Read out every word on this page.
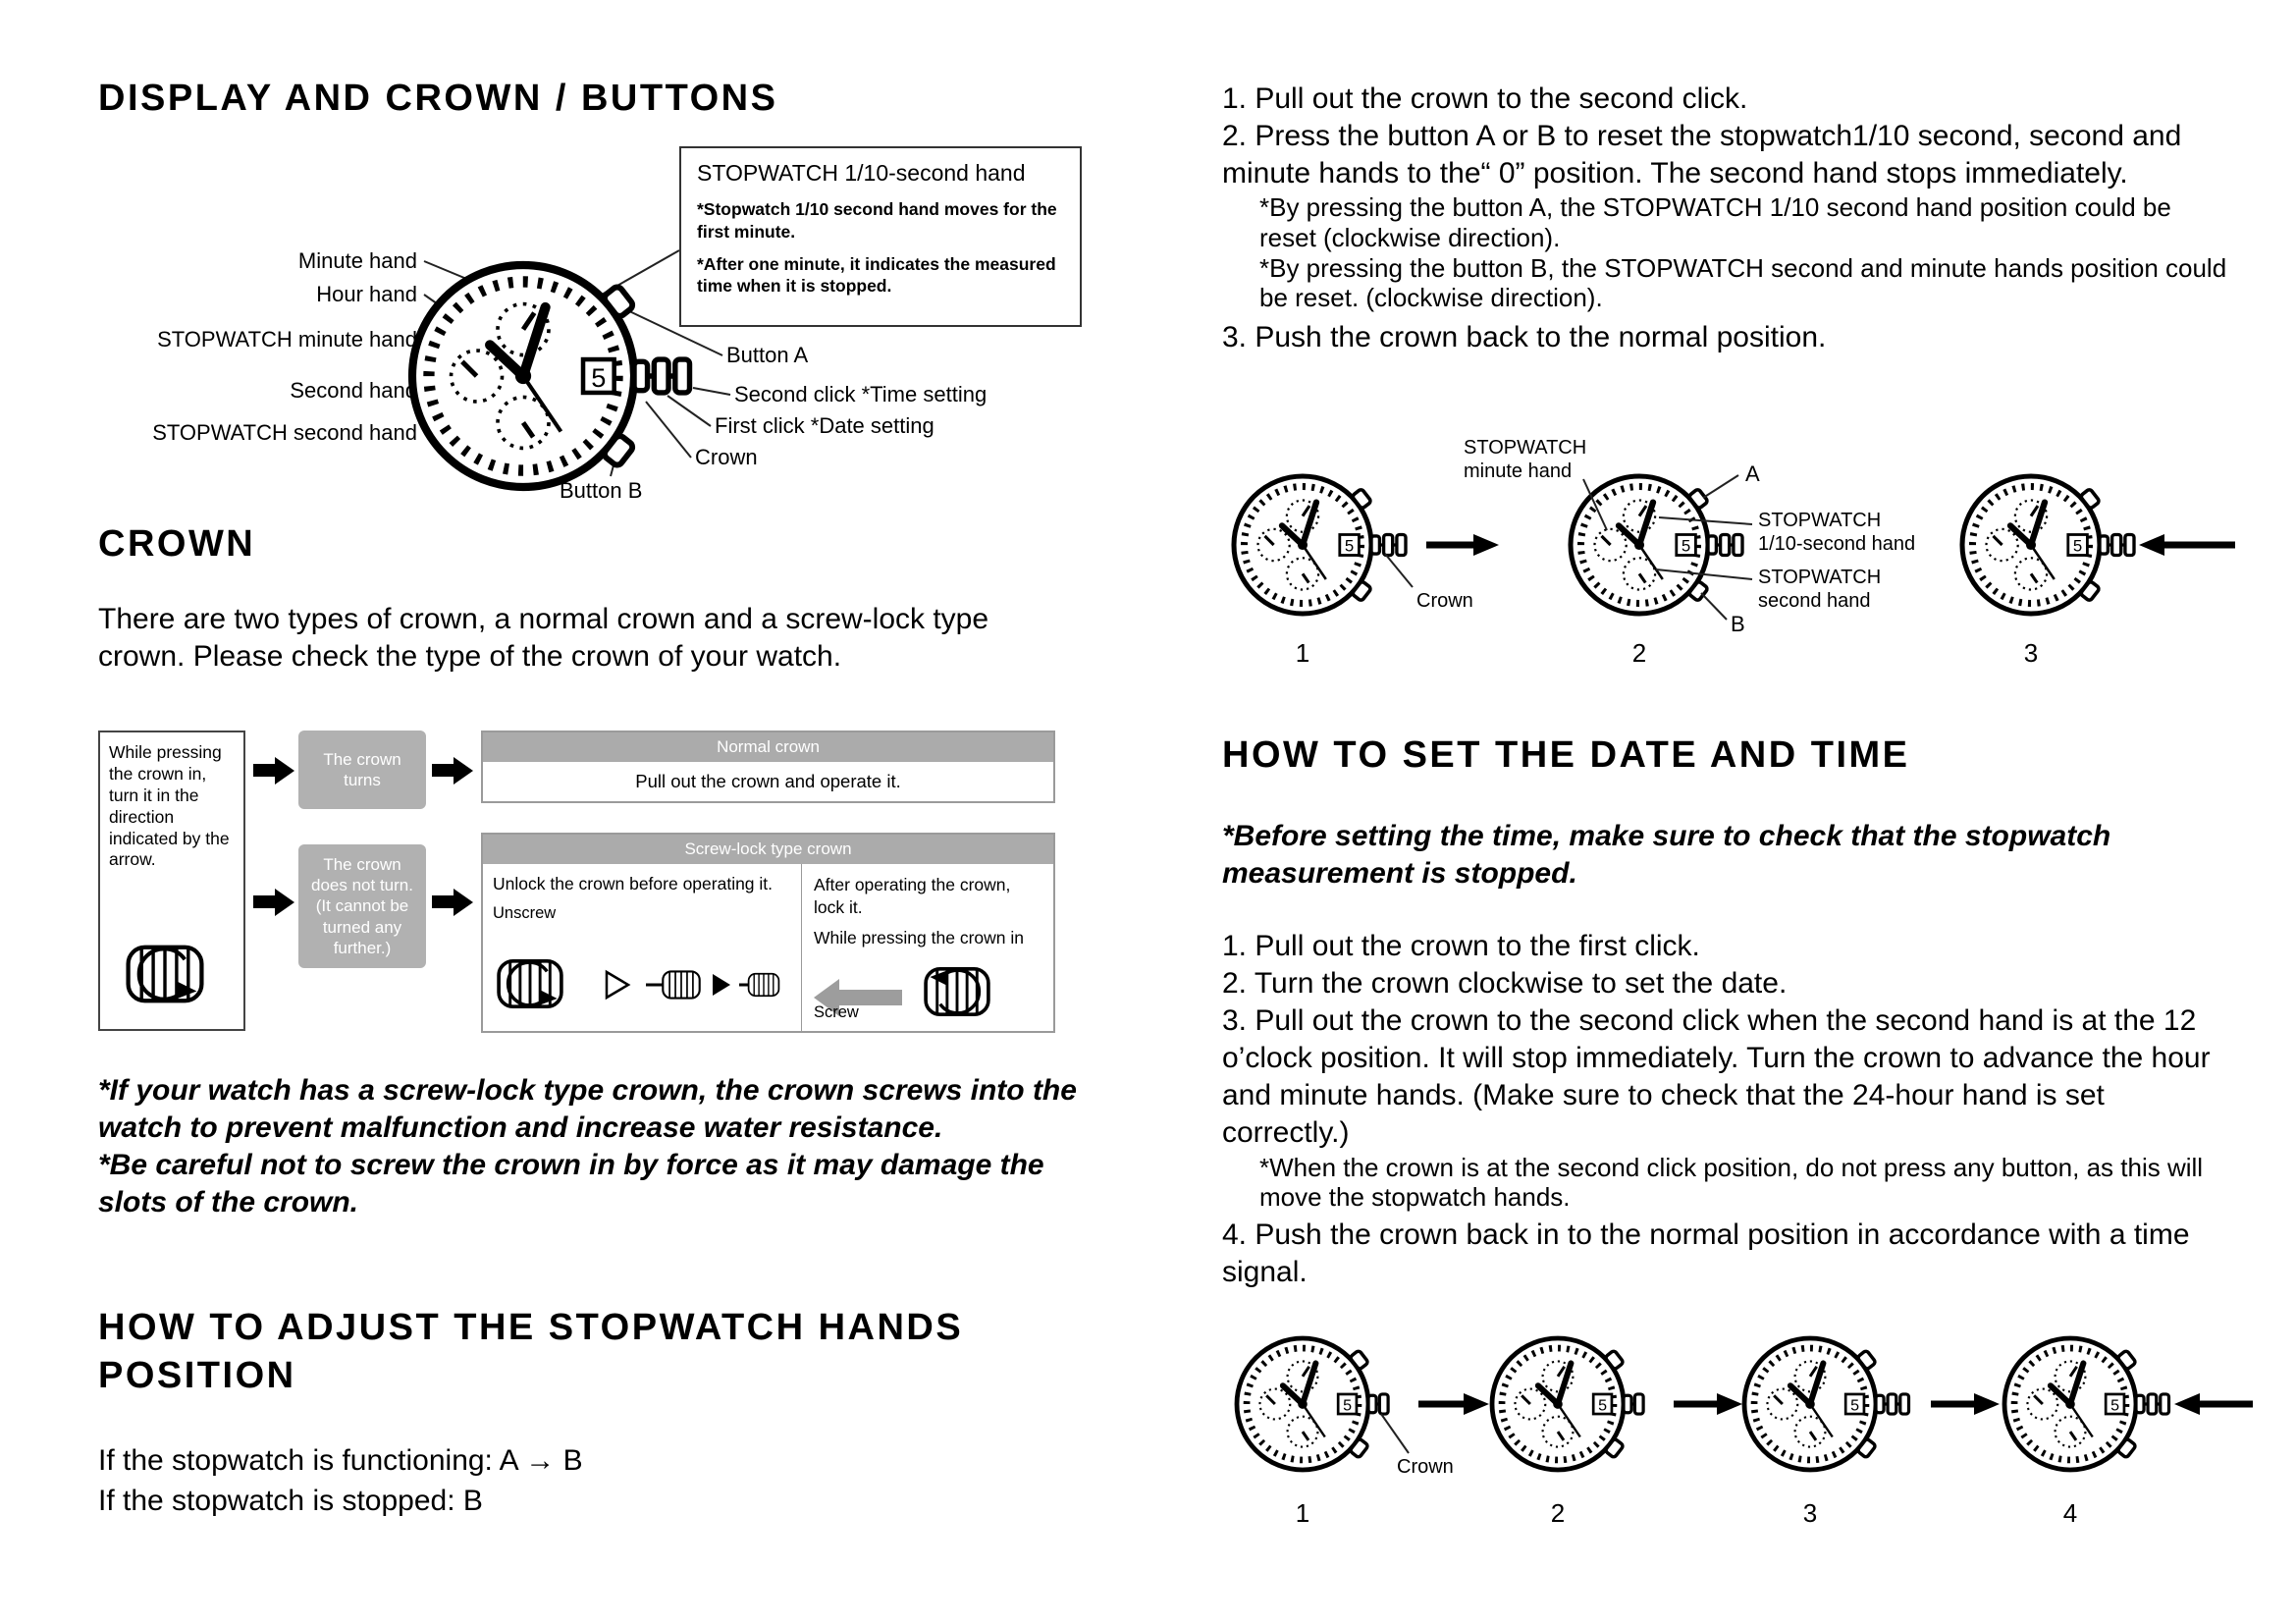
DISPLAY AND CROWN / BUTTONS
Minute hand
Hour hand
STOPWATCH minute hand
Second hand
STOPWATCH second hand
Button A
Second click *Time setting
First click *Date setting
Crown
Button B
STOPWATCH 1/10-second hand
*Stopwatch 1/10 second hand moves for the first minute.
*After one minute, it indicates the measured time when it is stopped.
CROWN
There are two types of crown, a normal crown and a screw-lock type crown. Please check the type of the crown of your watch.

While pressing the crown in, turn it in the direction indicated by the arrow.

The crown turns
The crown does not turn. (It cannot be turned any further.)
Normal crown
Pull out the crown and operate it.
Screw-lock type crown

Unlock the crown before operating it.

Unscrew

After operating the crown, lock it.

While pressing the crown in

Screw

*If your watch has a screw-lock type crown, the crown screws into the watch to prevent malfunction and increase water resistance.

*Be careful not to screw the crown in by force as it may damage the slots of the crown.

HOW TO ADJUST THE STOPWATCH HANDS POSITION

If the stopwatch is functioning: A → B

If the stopwatch is stopped: B

1. Pull out the crown to the second click.

2. Press the button A or B to reset the stopwatch1/10 second, second and minute hands to the“ 0” position. The second hand stops immediately.

*By pressing the button A, the STOPWATCH 1/10 second hand position could be reset (clockwise direction).

*By pressing the button B, the STOPWATCH second and minute hands position could be reset. (clockwise direction).

3. Push the crown back to the normal position.

STOPWATCH
minute hand	A
STOPWATCH
1/10-second hand
STOPWATCH
second hand
B
Crown
1	2	3
HOW TO SET THE DATE AND TIME
*Before setting the time, make sure to check that the stopwatch measurement is stopped.

1. Pull out the crown to the first click.

2. Turn the crown clockwise to set the date.

3. Pull out the crown to the second click when the second hand is at the 12 o’clock position. It will stop immediately. Turn the crown to advance the hour and minute hands. (Make sure to check that the 24-hour hand is set correctly.)

*When the crown is at the second click position, do not press any button, as this will move the stopwatch hands.

4. Push the crown back in to the normal position in accordance with a time signal.

Crown
1	2	3	4
